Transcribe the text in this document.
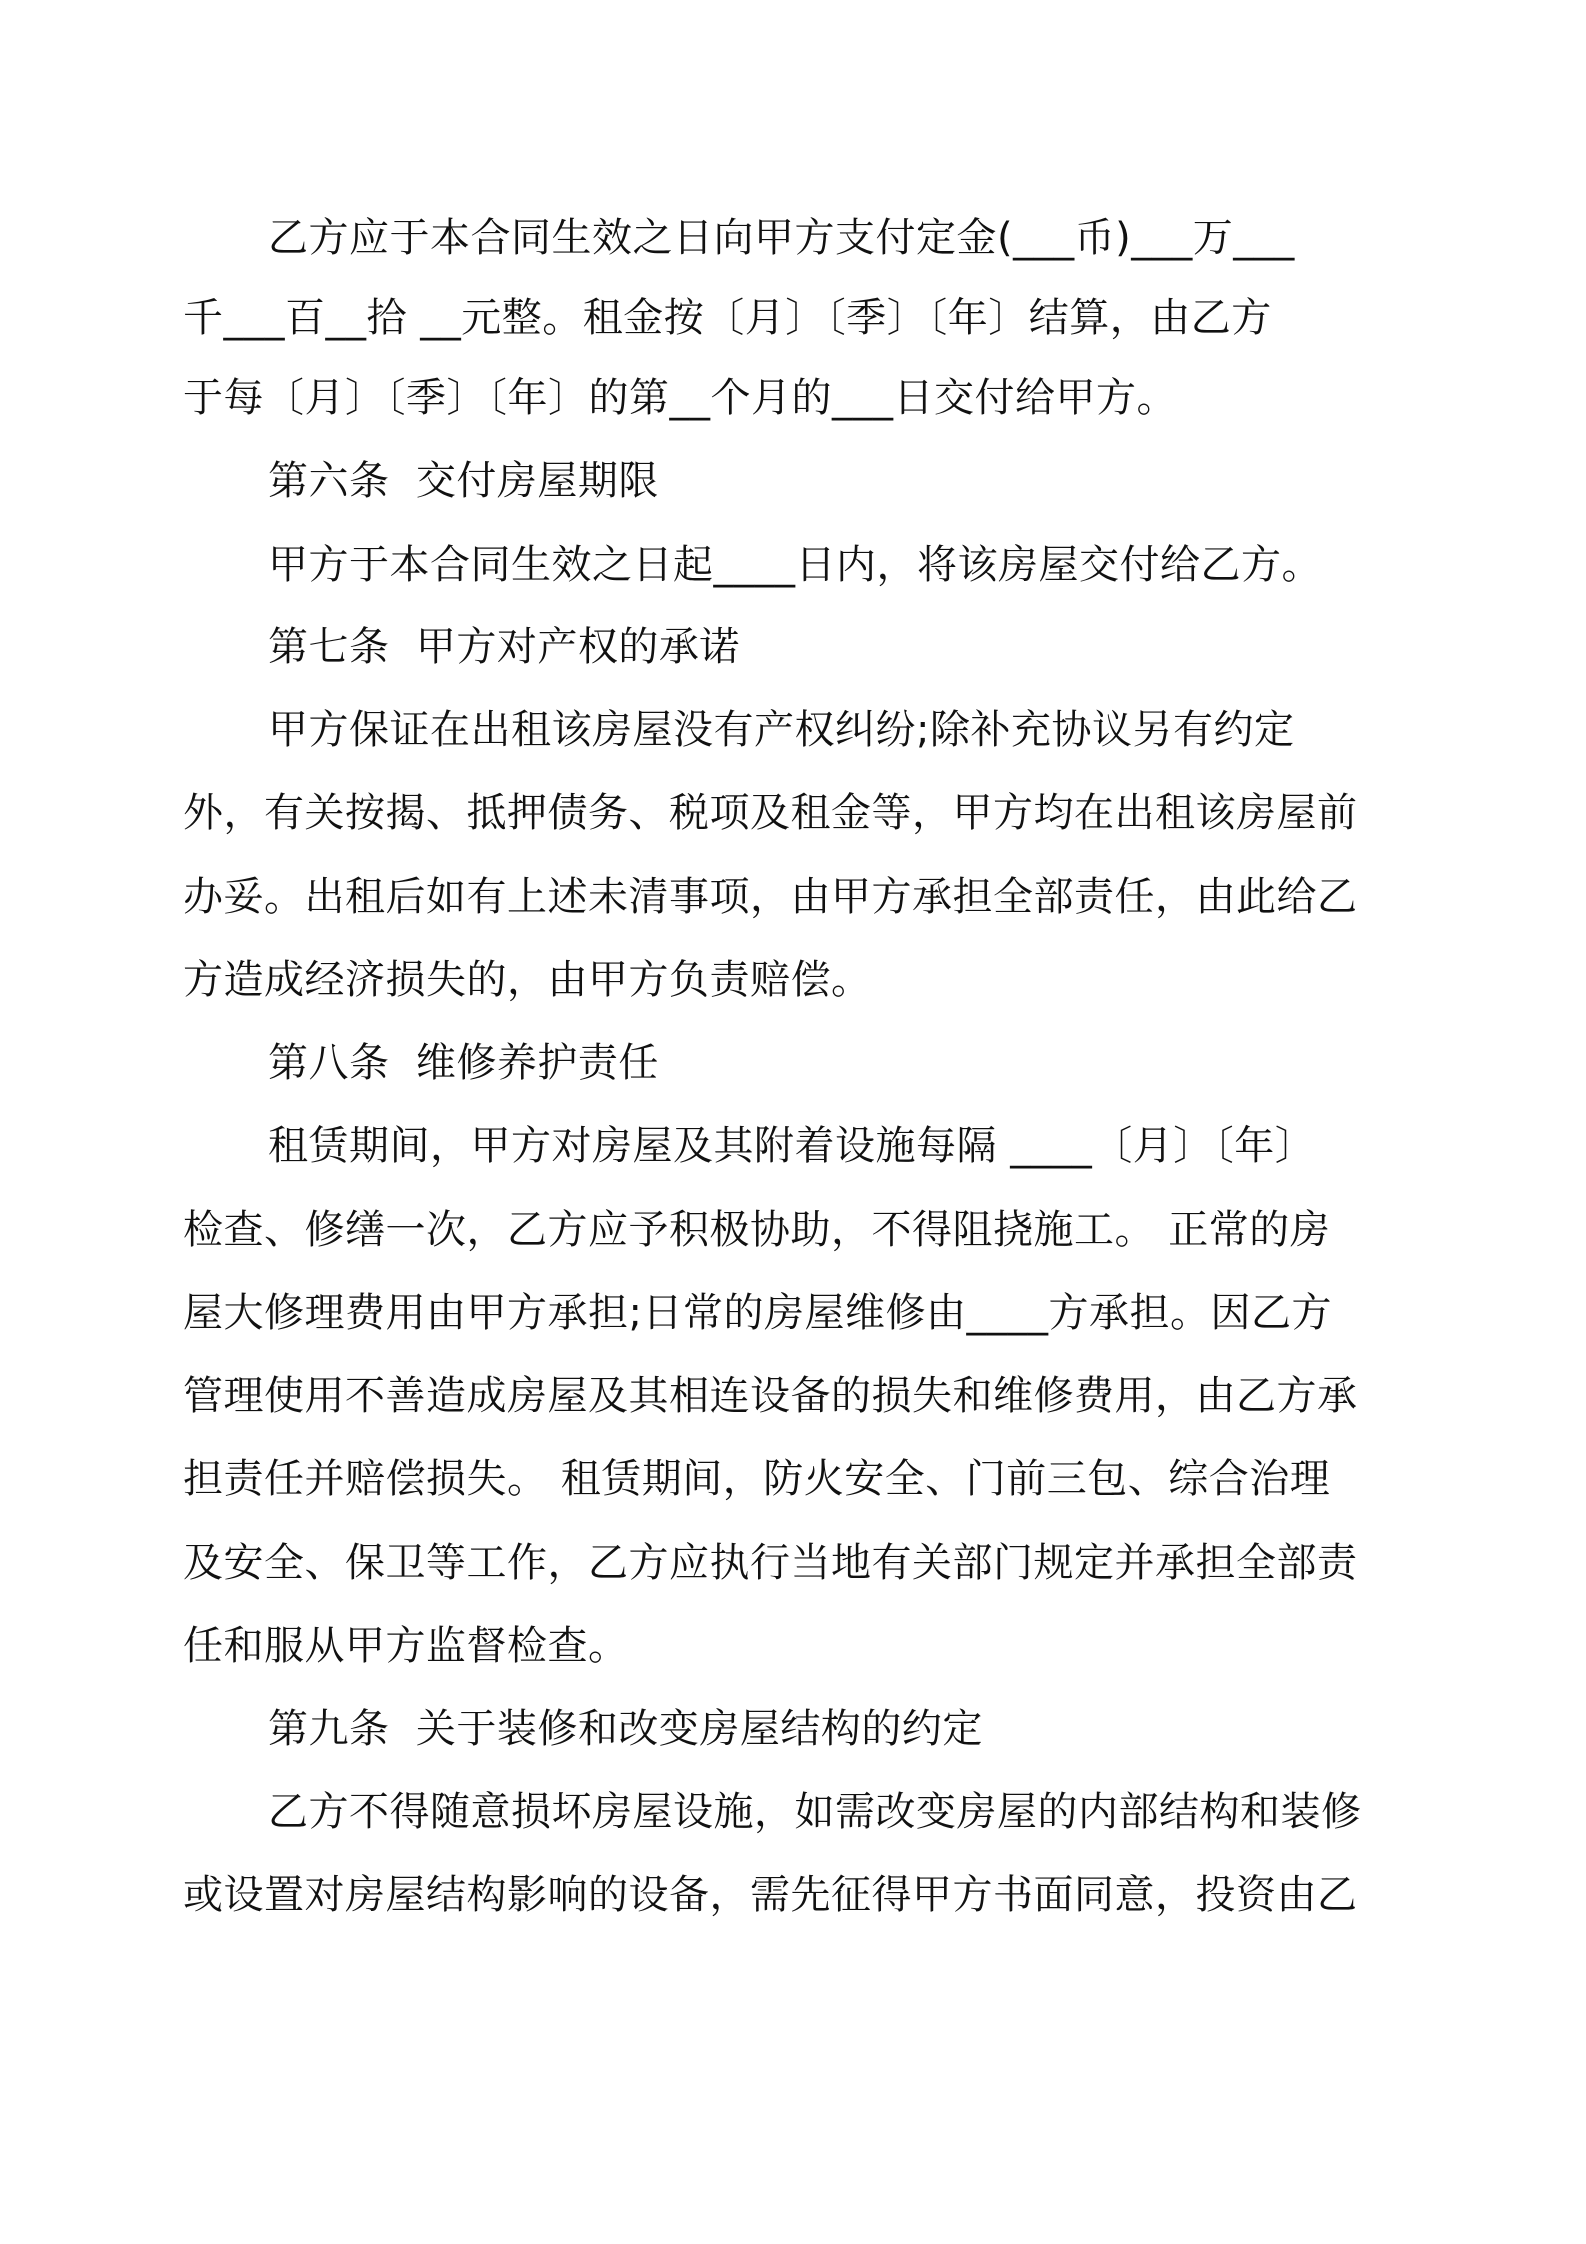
乙方应于本合同生效之日向甲方支付定金(___币)___万___
千___百__拾 __元整。租金按〔月〕〔季〕〔年〕结算，由乙方
于每〔月〕〔季〕〔年〕的第__个月的___日交付给甲方。
第六条  交付房屋期限
甲方于本合同生效之日起____日内，将该房屋交付给乙方。
第七条  甲方对产权的承诺
甲方保证在出租该房屋没有产权纠纷;除补充协议另有约定
外，有关按揭、抵押债务、税项及租金等，甲方均在出租该房屋前
办妥。出租后如有上述未清事项，由甲方承担全部责任，由此给乙
方造成经济损失的，由甲方负责赔偿。
第八条  维修养护责任
租赁期间，甲方对房屋及其附着设施每隔 ____〔月〕〔年〕
检查、修缮一次，乙方应予积极协助，不得阻挠施工。 正常的房
屋大修理费用由甲方承担;日常的房屋维修由____方承担。因乙方
管理使用不善造成房屋及其相连设备的损失和维修费用，由乙方承
担责任并赔偿损失。 租赁期间，防火安全、门前三包、综合治理
及安全、保卫等工作，乙方应执行当地有关部门规定并承担全部责
任和服从甲方监督检查。
第九条  关于装修和改变房屋结构的约定
乙方不得随意损坏房屋设施，如需改变房屋的内部结构和装修
或设置对房屋结构影响的设备，需先征得甲方书面同意，投资由乙
